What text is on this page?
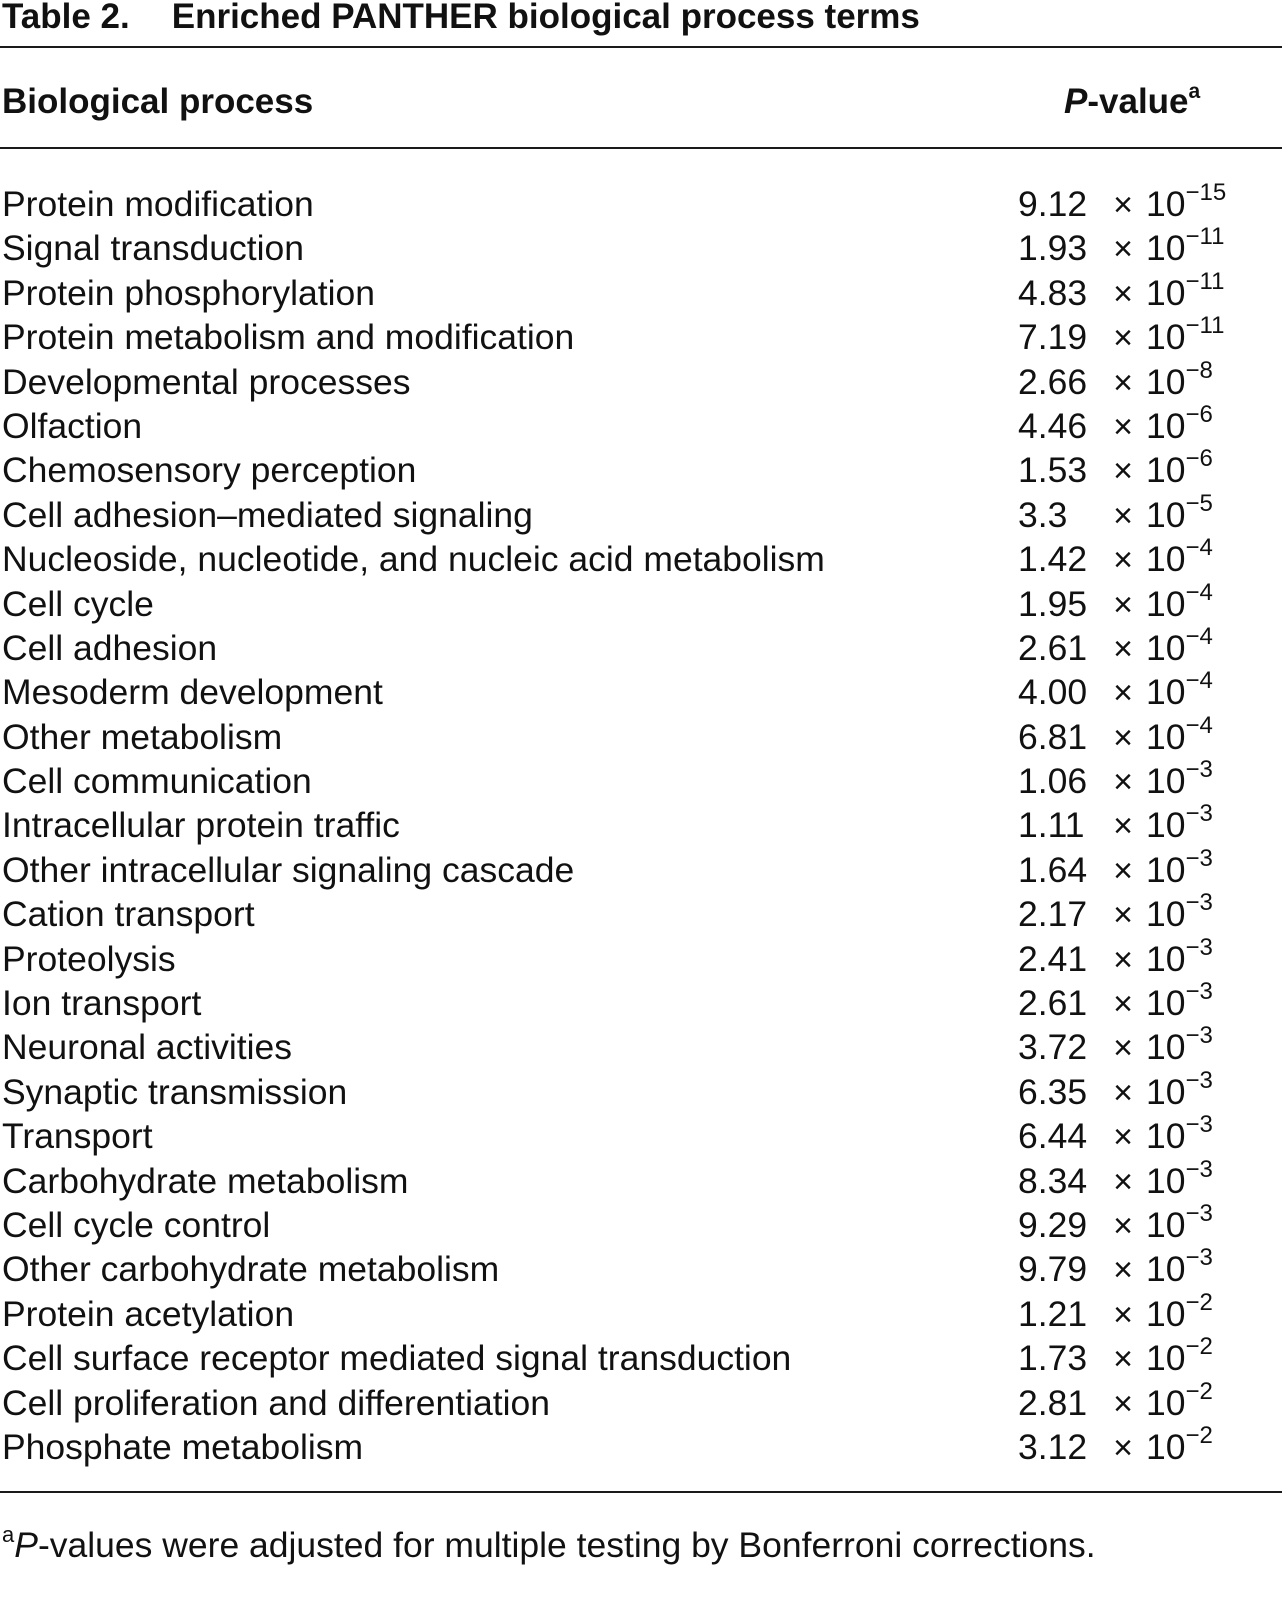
Table 2. Enriched PANTHER biological process terms
Biological process	P-value$^a$
Protein modification	$9.12 \times 10^{-15}$
Signal transduction	$1.93 \times 10^{-11}$
Protein phosphorylation	$4.83 \times 10^{-11}$
Protein metabolism and modification	$7.19 \times 10^{-11}$
Developmental processes	$2.66 \times 10^{-8}$
Olfaction	$4.46 \times 10^{-6}$
Chemosensory perception	$1.53 \times 10^{-6}$
Cell adhesion–mediated signaling	$3.3 \times 10^{-5}$
Nucleoside, nucleotide, and nucleic acid metabolism	$1.42 \times 10^{-4}$
Cell cycle	$1.95 \times 10^{-4}$
Cell adhesion	$2.61 \times 10^{-4}$
Mesoderm development	$4.00 \times 10^{-4}$
Other metabolism	$6.81 \times 10^{-4}$
Cell communication	$1.06 \times 10^{-3}$
Intracellular protein traffic	$1.11 \times 10^{-3}$
Other intracellular signaling cascade	$1.64 \times 10^{-3}$
Cation transport	$2.17 \times 10^{-3}$
Proteolysis	$2.41 \times 10^{-3}$
Ion transport	$2.61 \times 10^{-3}$
Neuronal activities	$3.72 \times 10^{-3}$
Synaptic transmission	$6.35 \times 10^{-3}$
Transport	$6.44 \times 10^{-3}$
Carbohydrate metabolism	$8.34 \times 10^{-3}$
Cell cycle control	$9.29 \times 10^{-3}$
Other carbohydrate metabolism	$9.79 \times 10^{-3}$
Protein acetylation	$1.21 \times 10^{-2}$
Cell surface receptor mediated signal transduction	$1.73 \times 10^{-2}$
Cell proliferation and differentiation	$2.81 \times 10^{-2}$
Phosphate metabolism	$3.12 \times 10^{-2}$
$^a$P-values were adjusted for multiple testing by Bonferroni corrections.
